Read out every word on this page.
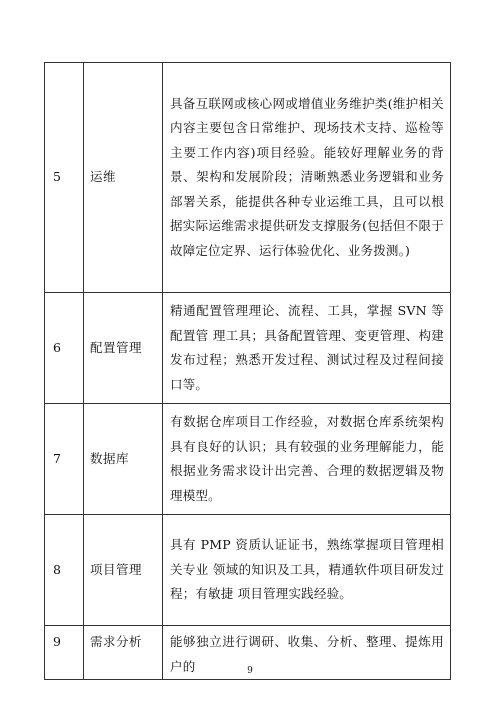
5	运维	具备互联网或核心网或增值业务维护类(维护相关内容主要包含日常维护、现场技术支持、巡检等主要工作内容)项目经验。能较好理解业务的背景、架构和发展阶段；清晰熟悉业务逻辑和业务部署关系，能提供各种专业运维工具，且可以根据实际运维需求提供研发支撑服务(包括但不限于故障定位定界、运行体验优化、业务拨测。)
6	配置管理	精通配置管理理论、流程、工具，掌握 SVN 等配置管 理工具；具备配置管理、变更管理、构建发布过程；熟悉开发过程、测试过程及过程间接口等。
7	数据库	有数据仓库项目工作经验，对数据仓库系统架构具有良好的认识；具有较强的业务理解能力，能根据业务需求设计出完善、合理的数据逻辑及物理模型。
8	项目管理	具有 PMP 资质认证证书，熟练掌握项目管理相关专业 领域的知识及工具，精通软件项目研发过程；有敏捷 项目管理实践经验。
9	需求分析	能够独立进行调研、收集、分析、整理、提炼用户的	9
